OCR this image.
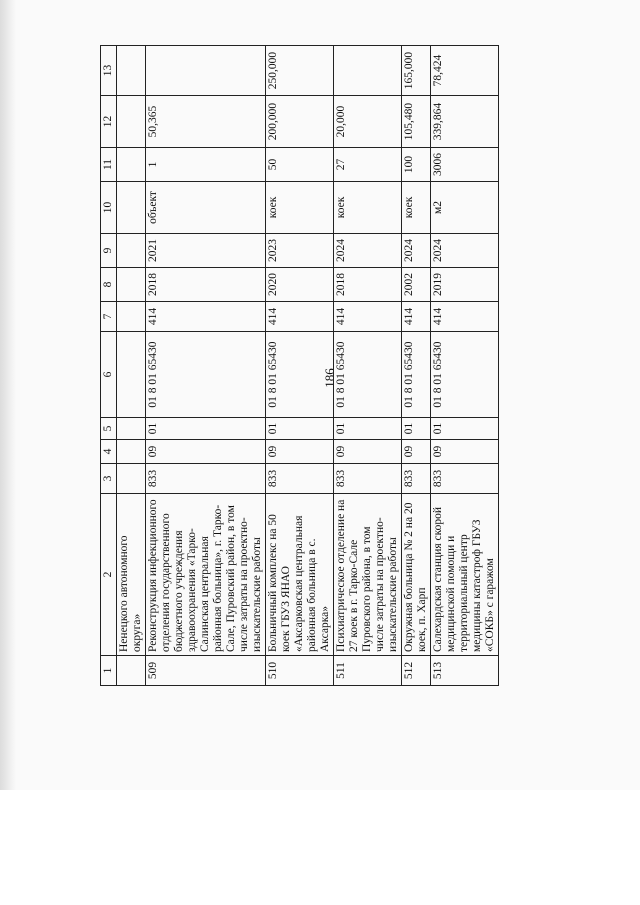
186
1	2	3	4	5	6	7	8	9	10	11	12	13
	Ненецкого автономного округа»											
509	Реконструкция инфекционного отделения государственного бюджетного учреждения здравоохранения «Тарко-Салинская центральная районная больница», г. Тарко-Сале, Пуровский район, в том числе затраты на проектно-изыскательские работы	833	09	01	01 8 01 65430	414	2018	2021	объект	1	50,365	
510	Больничный комплекс на 50 коек ГБУЗ ЯНАО «Аксарковская центральная районная больница в с. Аксарка»	833	09	01	01 8 01 65430	414	2020	2023	коек	50	200,000	250,000
511	Психиатрическое отделение на 27 коек в г. Тарко-Сале Пуровского района, в том числе затраты на проектно-изыскательские работы	833	09	01	01 8 01 65430	414	2018	2024	коек	27	20,000	
512	Окружная больница № 2 на 20 коек, п. Харп	833	09	01	01 8 01 65430	414	2002	2024	коек	100	105,480	165,000
513	Салехардская станция скорой медицинской помощи и территориальный центр медицины катастроф ГБУЗ «СОКБ» с гаражом	833	09	01	01 8 01 65430	414	2019	2024	м2	3006	339,864	78,424
